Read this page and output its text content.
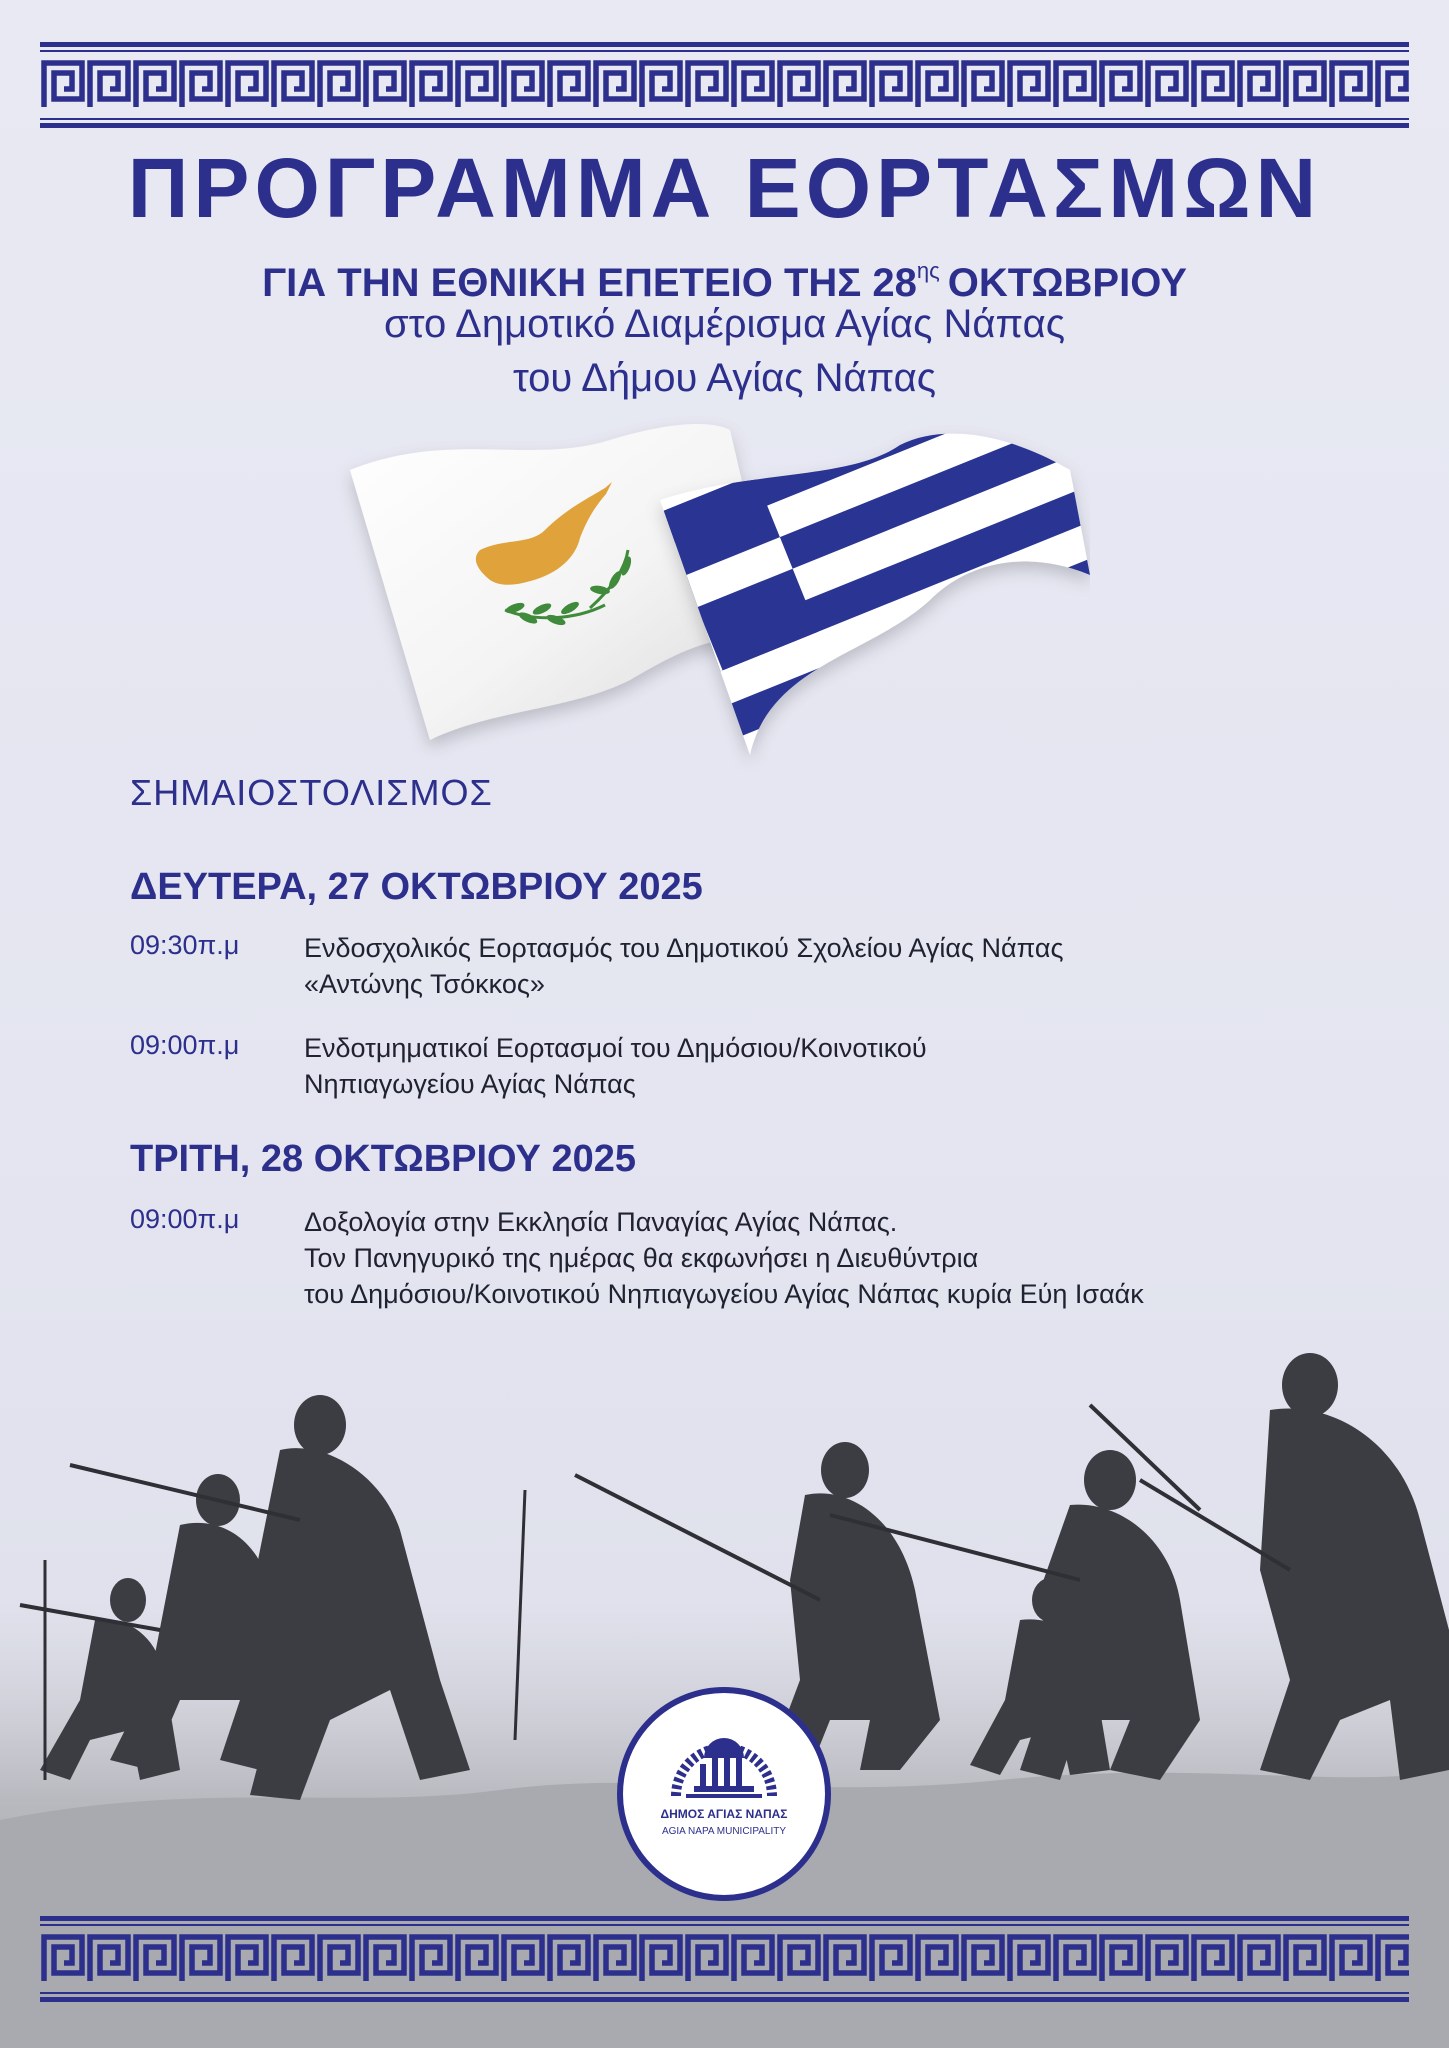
ΠΡΟΓΡΑΜΜΑ ΕΟΡΤΑΣΜΩΝ
ΓΙΑ ΤΗΝ ΕΘΝΙΚΗ ΕΠΕΤΕΙΟ ΤΗΣ $28^{\eta\varsigma}$ ΟΚΤΩΒΡΙΟΥ
στο Δημοτικό Διαμέρισμα Αγίας Νάπας
του Δήμου Αγίας Νάπας
ΣΗΜΑΙΟΣΤΟΛΙΣΜΟΣ
ΔΕΥΤΕΡΑ, 27 ΟΚΤΩΒΡΙΟΥ 2025
09:30π.μ Ενδοσχολικός Εορτασμός του Δημοτικού Σχολείου Αγίας Νάπας
«Αντώνης Τσόκκος»
09:00π.μ Ενδοτμηματικοί Εορτασμοί του Δημόσιου/Κοινοτικού
Νηπιαγωγείου Αγίας Νάπας
ΤΡΙΤΗ, 28 ΟΚΤΩΒΡΙΟΥ 2025
09:00π.μ Δοξολογία στην Εκκλησία Παναγίας Αγίας Νάπας.
Τον Πανηγυρικό της ημέρας θα εκφωνήσει η Διευθύντρια
του Δημόσιου/Κοινοτικού Νηπιαγωγείου Αγίας Νάπας κυρία Εύη Ισαάκ
ΔΗΜΟΣ ΑΓΙΑΣ ΝΑΠΑΣ
AGIA NAPA MUNICIPALITY
